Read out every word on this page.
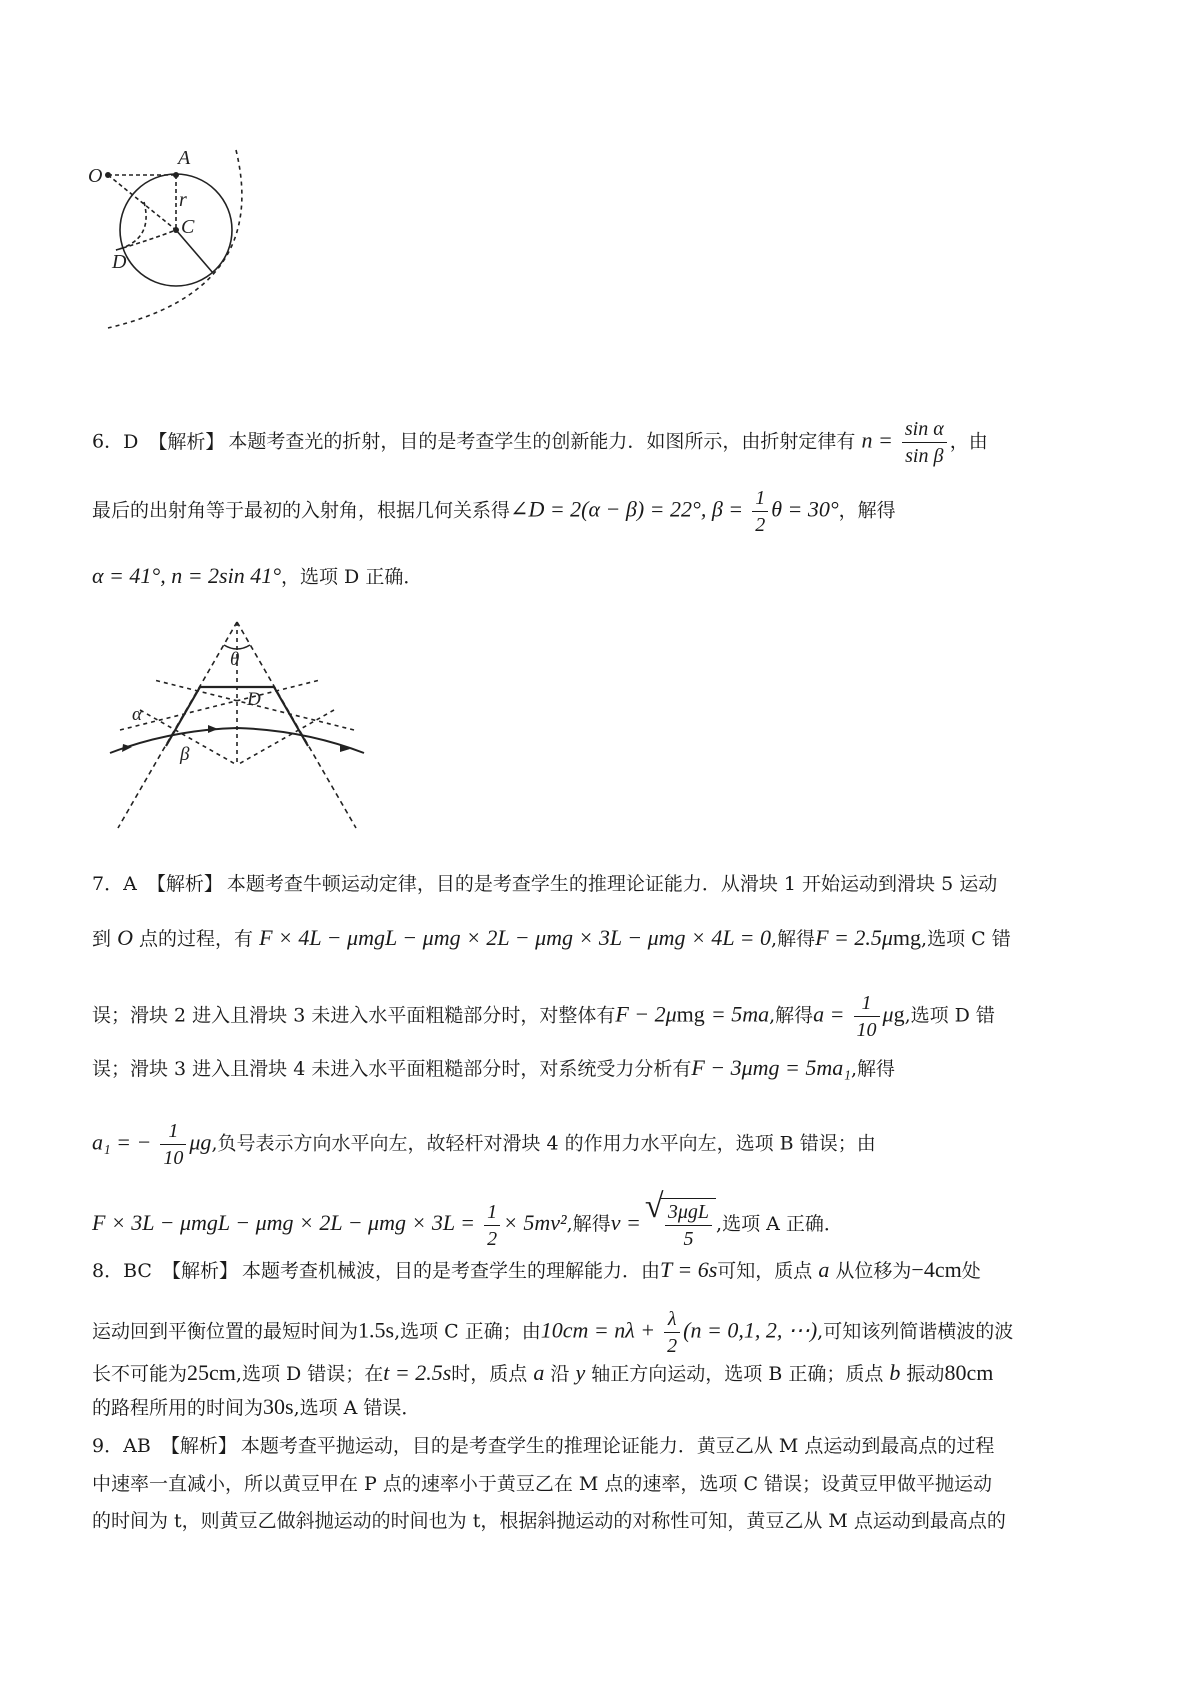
O
A
r
C
D
6．D 【解析】 本题考查光的折射，目的是考查学生的创新能力．如图所示，由折射定律有 $n = \frac{\text{sin α}}{\text{sin β}}$ ，由
最后的出射角等于最初的入射角，根据几何关系得∠D = 2(α − β) = 22°, $\beta = \frac{1}{2}$ θ = 30°，解得
α = 41°, n = 2sin 41°，选项 D 正确．
θ
D
α
β
7．A 【解析】 本题考查牛顿运动定律，目的是考查学生的推理论证能力．从滑块 1 开始运动到滑块 5 运动
到 O 点的过程，有 F × 4L − μmgL − μmg × 2L − μmg × 3L − μmg × 4L = 0,解得F = 2.5μmg,选项 C 错
误；滑块 2 进入且滑块 3 未进入水平面粗糙部分时，对整体有F − 2μmg = 5ma,解得$a = \frac{1}{10} \mu g$,选项 D 错
误；滑块 3 进入且滑块 4 未进入水平面粗糙部分时，对系统受力分析有F − 3μmg = 5ma₁,解得
a₁ = − $\frac{1}{10} \mu g$,负号表示方向水平向左，故轻杆对滑块 4 的作用力水平向左，选项 B 错误；由
$F \times 3L - \mu mgL - \mu mg \times 2L - \mu mg \times 3L = \frac{1}{2} \times 5mv^2$,解得v =
√ $\frac{\text{3μgL}}{5}$ ,选项 A 正确．
8．BC 【解析】 本题考查机械波，目的是考查学生的理解能力．由T = 6s可知，质点 a 从位移为−4cm处
运动回到平衡位置的最短时间为1.5s,选项 C 正确；由$10cm = n\lambda + \frac{\lambda}{2} (n = 0,1$, 2, ⋯),可知该列简谐横波的波
长不可能为25cm,选项 D 错误；在t = 2.5s时，质点 a 沿 y 轴正方向运动，选项 B 正确；质点 b 振动80cm
的路程所用的时间为30s,选项 A 错误．
9．AB 【解析】 本题考查平抛运动，目的是考查学生的推理论证能力．黄豆乙从 M 点运动到最高点的过程
中速率一直减小，所以黄豆甲在 P 点的速率小于黄豆乙在 M 点的速率，选项 C 错误；设黄豆甲做平抛运动
的时间为 t，则黄豆乙做斜抛运动的时间也为 t，根据斜抛运动的对称性可知，黄豆乙从 M 点运动到最高点的
